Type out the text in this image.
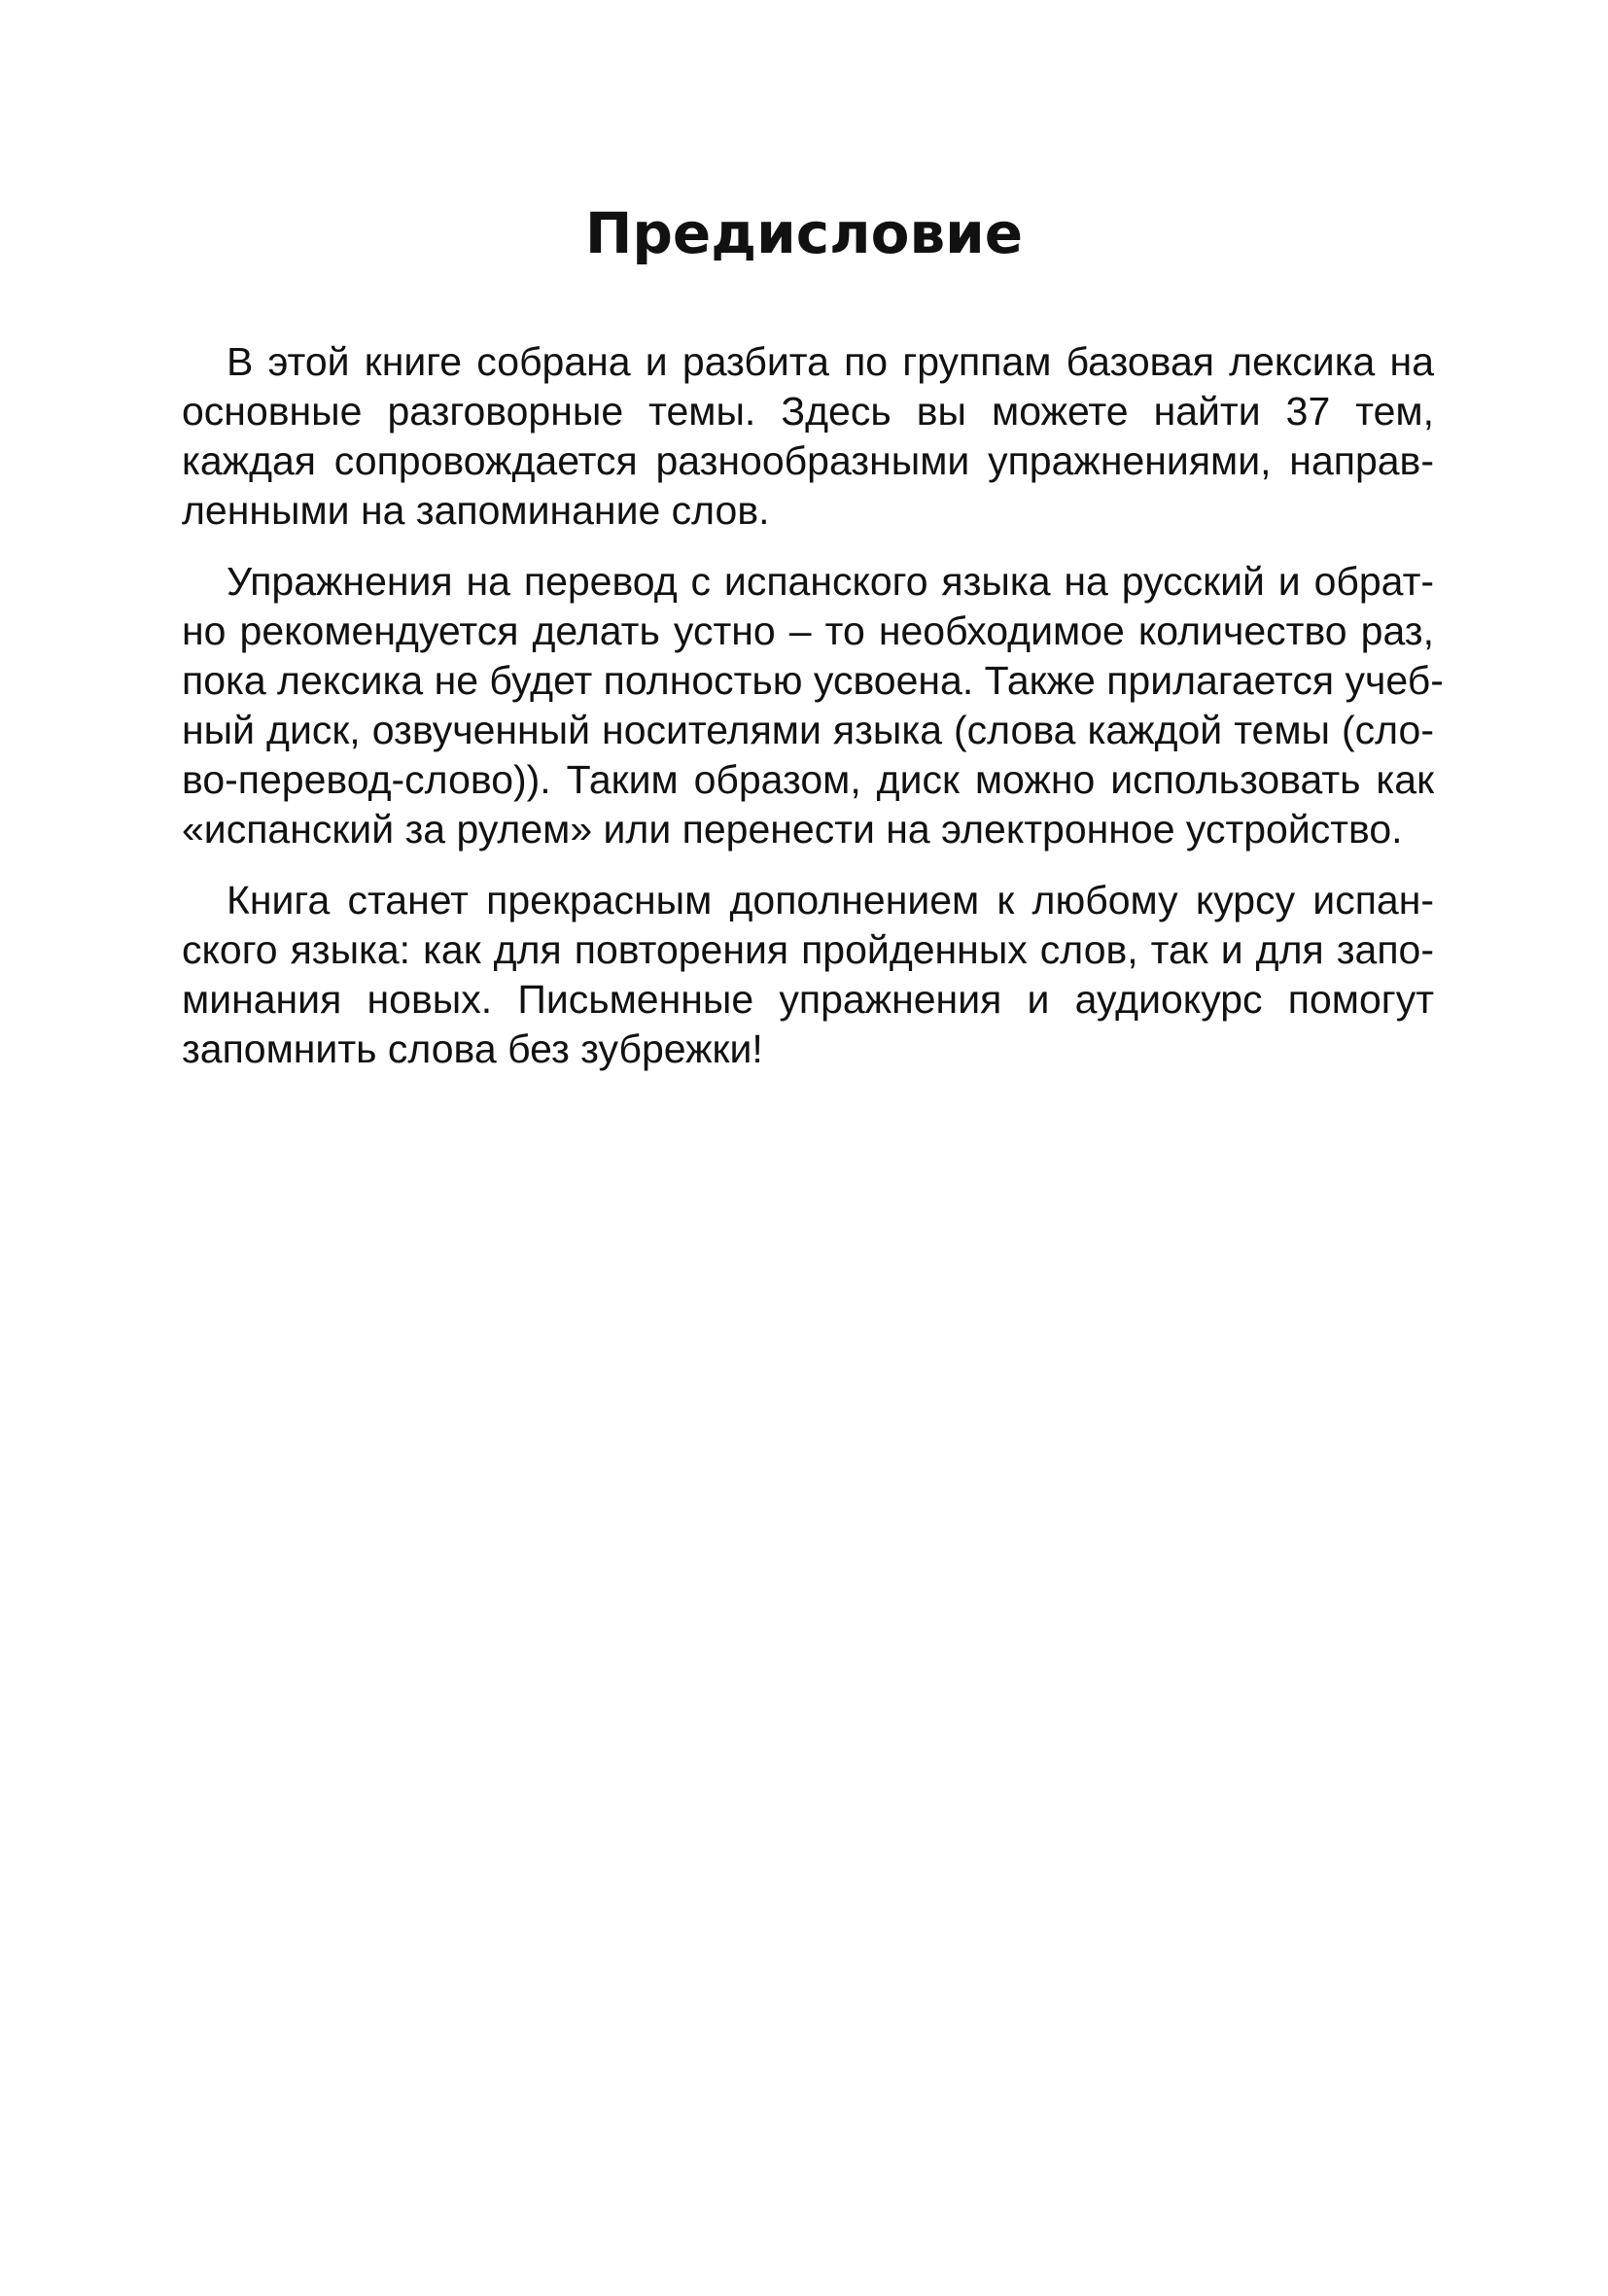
Предисловие

В этой книге собрана и разбита по группам базовая лексика на
основные разговорные темы. Здесь вы можете найти 37 тем,
каждая сопровождается разнообразными упражнениями, направ-
ленными на запоминание слов.

Упражнения на перевод с испанского языка на русский и обрат-
но рекомендуется делать устно – то необходимое количество раз,
пока лексика не будет полностью усвоена. Также прилагается учеб-
ный диск, озвученный носителями языка (слова каждой темы (сло-
во-перевод-слово)). Таким образом, диск можно использовать как
«испанский за рулем» или перенести на электронное устройство.

Книга станет прекрасным дополнением к любому курсу испан-
ского языка: как для повторения пройденных слов, так и для запо-
минания новых. Письменные упражнения и аудиокурс помогут
запомнить слова без зубрежки!
